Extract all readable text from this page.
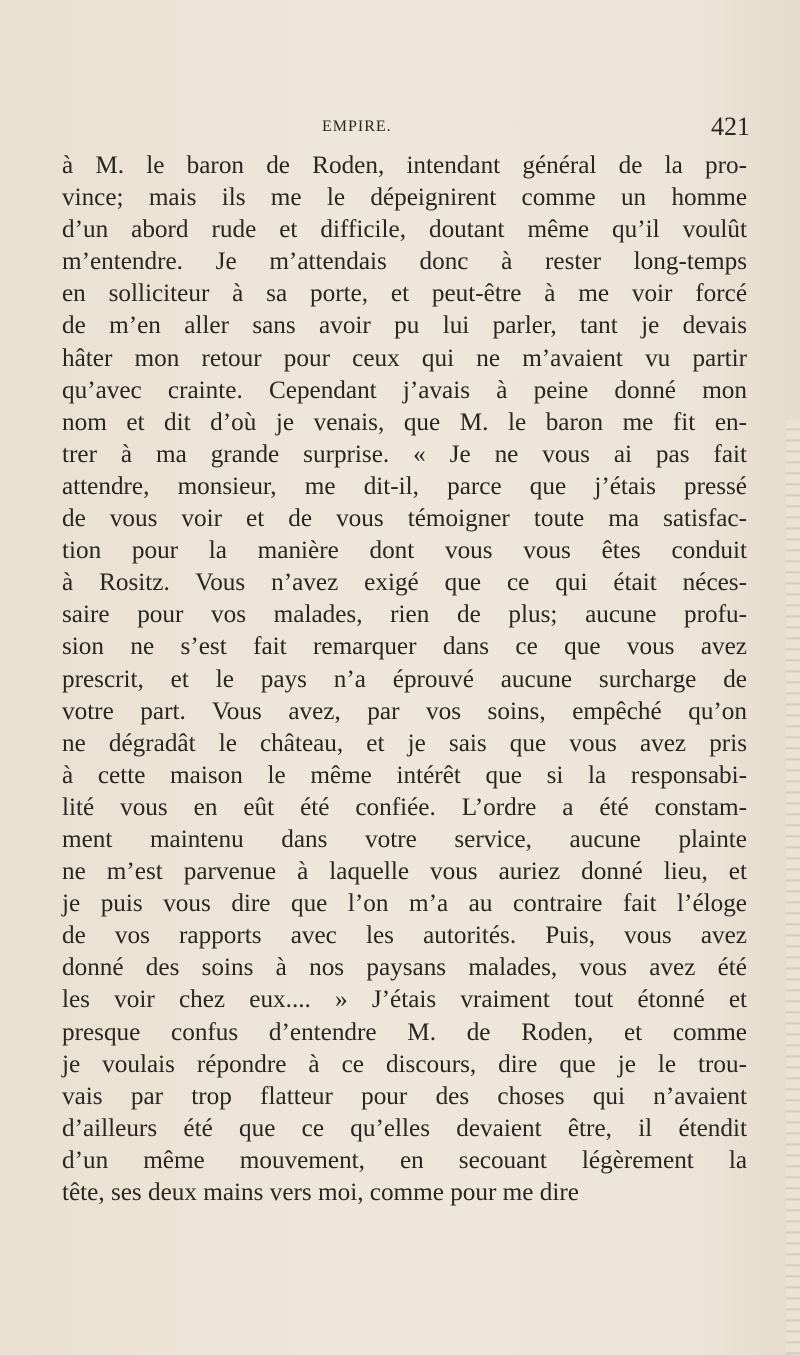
EMPIRE.	421
à M. le baron de Roden, intendant général de la pro-
vince; mais ils me le dépeignirent comme un homme
d’un abord rude et difficile, doutant même qu’il voulût
m’entendre. Je m’attendais donc à rester long-temps
en solliciteur à sa porte, et peut-être à me voir forcé
de m’en aller sans avoir pu lui parler, tant je devais
hâter mon retour pour ceux qui ne m’avaient vu partir
qu’avec crainte. Cependant j’avais à peine donné mon
nom et dit d’où je venais, que M. le baron me fit en-
trer à ma grande surprise. « Je ne vous ai pas fait
attendre, monsieur, me dit-il, parce que j’étais pressé
de vous voir et de vous témoigner toute ma satisfac-
tion pour la manière dont vous vous êtes conduit
à Rositz. Vous n’avez exigé que ce qui était néces-
saire pour vos malades, rien de plus; aucune profu-
sion ne s’est fait remarquer dans ce que vous avez
prescrit, et le pays n’a éprouvé aucune surcharge de
votre part. Vous avez, par vos soins, empêché qu’on
ne dégradât le château, et je sais que vous avez pris
à cette maison le même intérêt que si la responsabi-
lité vous en eût été confiée. L’ordre a été constam-
ment maintenu dans votre service, aucune plainte
ne m’est parvenue à laquelle vous auriez donné lieu, et
je puis vous dire que l’on m’a au contraire fait l’éloge
de vos rapports avec les autorités. Puis, vous avez
donné des soins à nos paysans malades, vous avez été
les voir chez eux.... » J’étais vraiment tout étonné et
presque confus d’entendre M. de Roden, et comme
je voulais répondre à ce discours, dire que je le trou-
vais par trop flatteur pour des choses qui n’avaient
d’ailleurs été que ce qu’elles devaient être, il étendit
d’un même mouvement, en secouant légèrement la
tête, ses deux mains vers moi, comme pour me dire
